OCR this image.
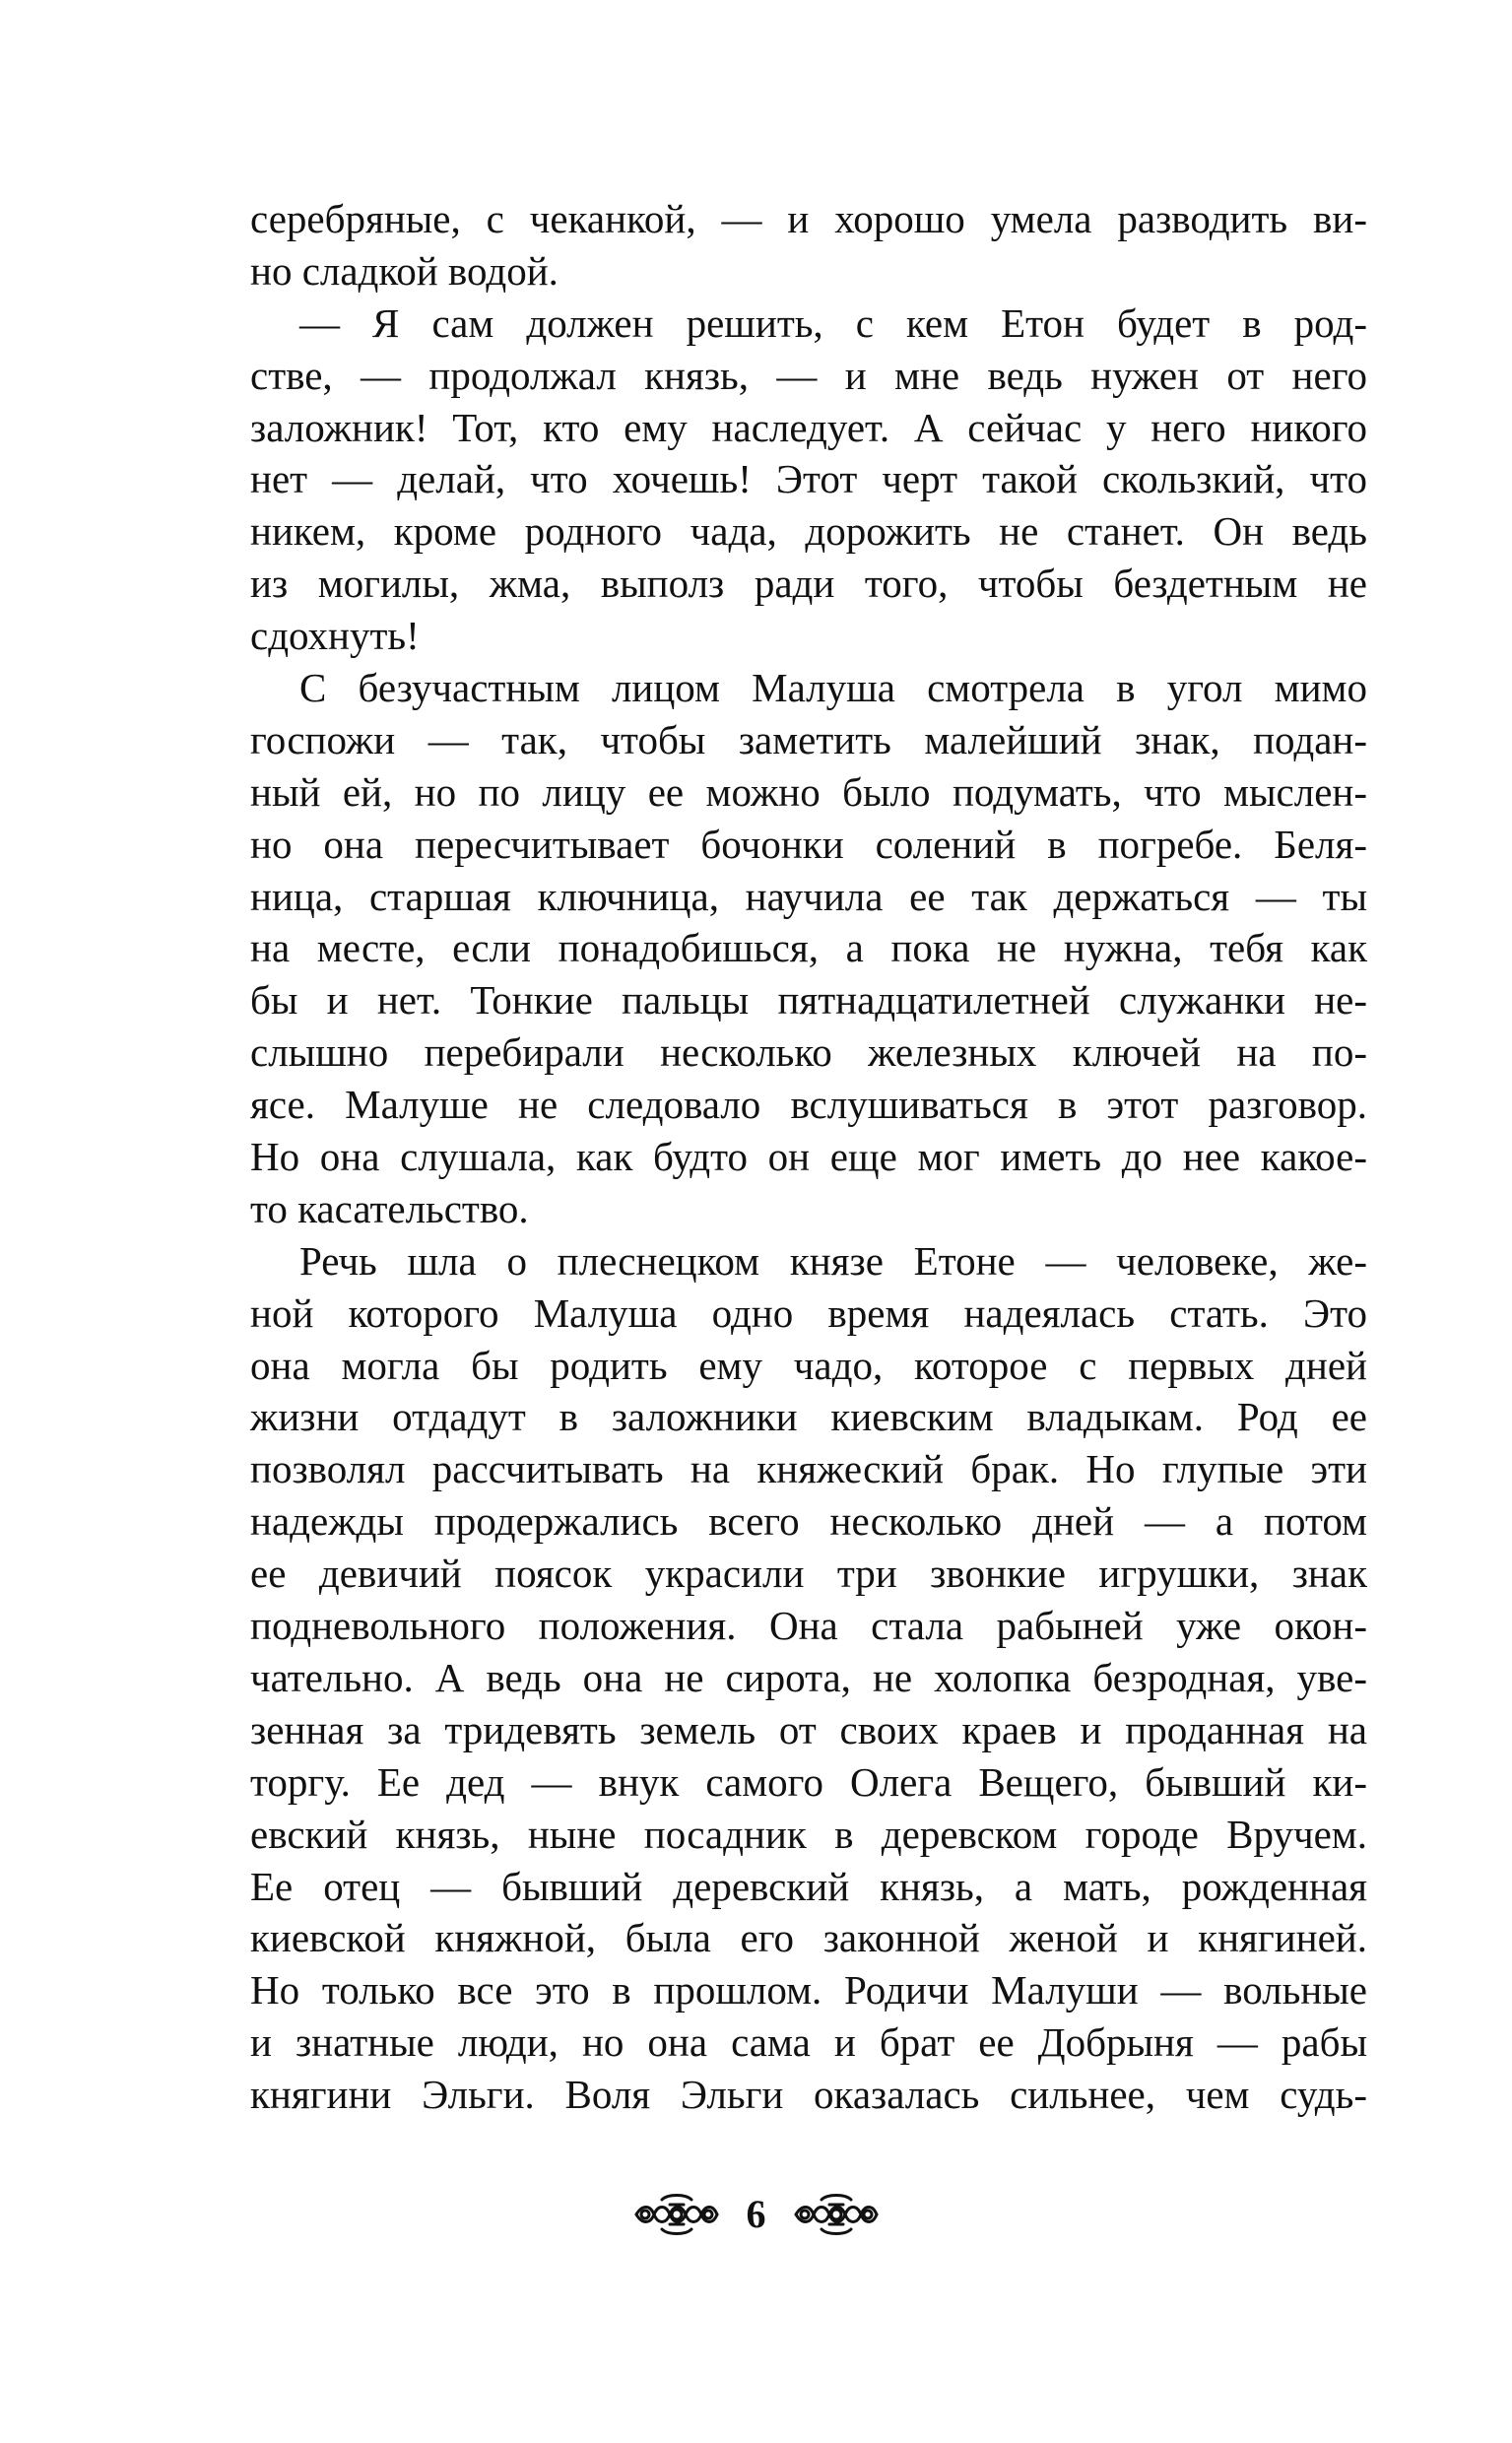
серебряные, с чеканкой, — и хорошо умела разводить ви-
но сладкой водой.
— Я сам должен решить, с кем Етон будет в род-
стве, — продолжал князь, — и мне ведь нужен от него
заложник! Тот, кто ему наследует. А сейчас у него никого
нет — делай, что хочешь! Этот черт такой скользкий, что
никем, кроме родного чада, дорожить не станет. Он ведь
из могилы, жма, выполз ради того, чтобы бездетным не
сдохнуть!
С безучастным лицом Малуша смотрела в угол мимо
госпожи — так, чтобы заметить малейший знак, подан-
ный ей, но по лицу ее можно было подумать, что мыслен-
но она пересчитывает бочонки солений в погребе. Беля-
ница, старшая ключница, научила ее так держаться — ты
на месте, если понадобишься, а пока не нужна, тебя как
бы и нет. Тонкие пальцы пятнадцатилетней служанки не-
слышно перебирали несколько железных ключей на по-
ясе. Малуше не следовало вслушиваться в этот разговор.
Но она слушала, как будто он еще мог иметь до нее какое-
то касательство.
Речь шла о плеснецком князе Етоне — человеке, же-
ной которого Малуша одно время надеялась стать. Это
она могла бы родить ему чадо, которое с первых дней
жизни отдадут в заложники киевским владыкам. Род ее
позволял рассчитывать на княжеский брак. Но глупые эти
надежды продержались всего несколько дней — а потом
ее девичий поясок украсили три звонкие игрушки, знак
подневольного положения. Она стала рабыней уже окон-
чательно. А ведь она не сирота, не холопка безродная, уве-
зенная за тридевять земель от своих краев и проданная на
торгу. Ее дед — внук самого Олега Вещего, бывший ки-
евский князь, ныне посадник в деревском городе Вручем.
Ее отец — бывший деревский князь, а мать, рожденная
киевской княжной, была его законной женой и княгиней.
Но только все это в прошлом. Родичи Малуши — вольные
и знатные люди, но она сама и брат ее Добрыня — рабы
княгини Эльги. Воля Эльги оказалась сильнее, чем судь-
6
